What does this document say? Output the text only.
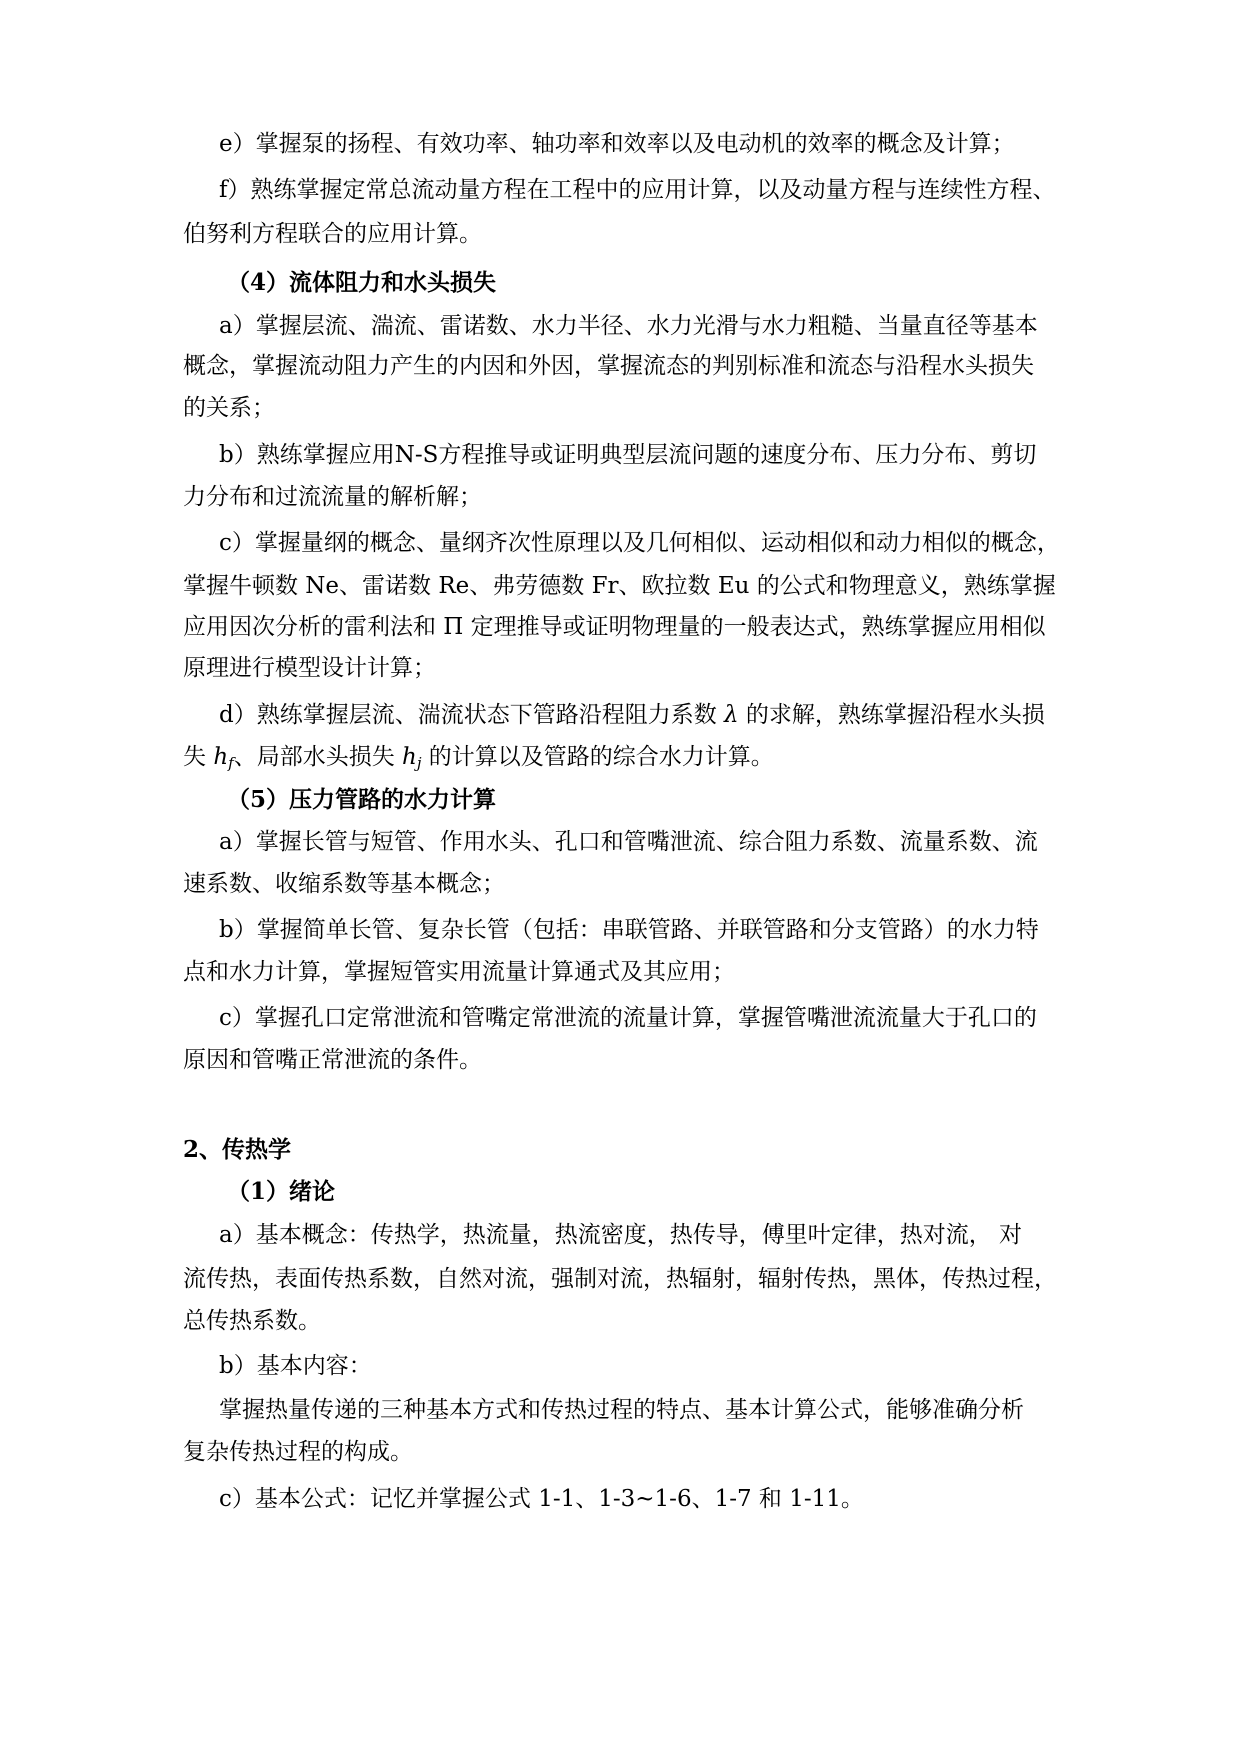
e）掌握泵的扬程、有效功率、轴功率和效率以及电动机的效率的概念及计算；
f）熟练掌握定常总流动量方程在工程中的应用计算，以及动量方程与连续性方程、
伯努利方程联合的应用计算。
（4）流体阻力和水头损失
a）掌握层流、湍流、雷诺数、水力半径、水力光滑与水力粗糙、当量直径等基本
概念，掌握流动阻力产生的内因和外因，掌握流态的判别标准和流态与沿程水头损失
的关系；
b）熟练掌握应用N-S方程推导或证明典型层流问题的速度分布、压力分布、剪切
力分布和过流流量的解析解；
c）掌握量纲的概念、量纲齐次性原理以及几何相似、运动相似和动力相似的概念，
掌握牛顿数 Ne、雷诺数 Re、弗劳德数 Fr、欧拉数 Eu 的公式和物理意义，熟练掌握
应用因次分析的雷利法和 Π 定理推导或证明物理量的一般表达式，熟练掌握应用相似
原理进行模型设计计算；
d）熟练掌握层流、湍流状态下管路沿程阻力系数 λ 的求解，熟练掌握沿程水头损
失 $h_f$、局部水头损失 $h_j$ 的计算以及管路的综合水力计算。
（5）压力管路的水力计算
a）掌握长管与短管、作用水头、孔口和管嘴泄流、综合阻力系数、流量系数、流
速系数、收缩系数等基本概念；
b）掌握简单长管、复杂长管（包括：串联管路、并联管路和分支管路）的水力特
点和水力计算，掌握短管实用流量计算通式及其应用；
c）掌握孔口定常泄流和管嘴定常泄流的流量计算，掌握管嘴泄流流量大于孔口的
原因和管嘴正常泄流的条件。
2、传热学
（1）绪论
a）基本概念：传热学，热流量，热流密度，热传导，傅里叶定律，热对流， 对
流传热，表面传热系数，自然对流，强制对流，热辐射，辐射传热，黑体，传热过程，
总传热系数。
b）基本内容：
掌握热量传递的三种基本方式和传热过程的特点、基本计算公式，能够准确分析
复杂传热过程的构成。
c）基本公式：记忆并掌握公式 1-1、1-3~1-6、1-7 和 1-11。
